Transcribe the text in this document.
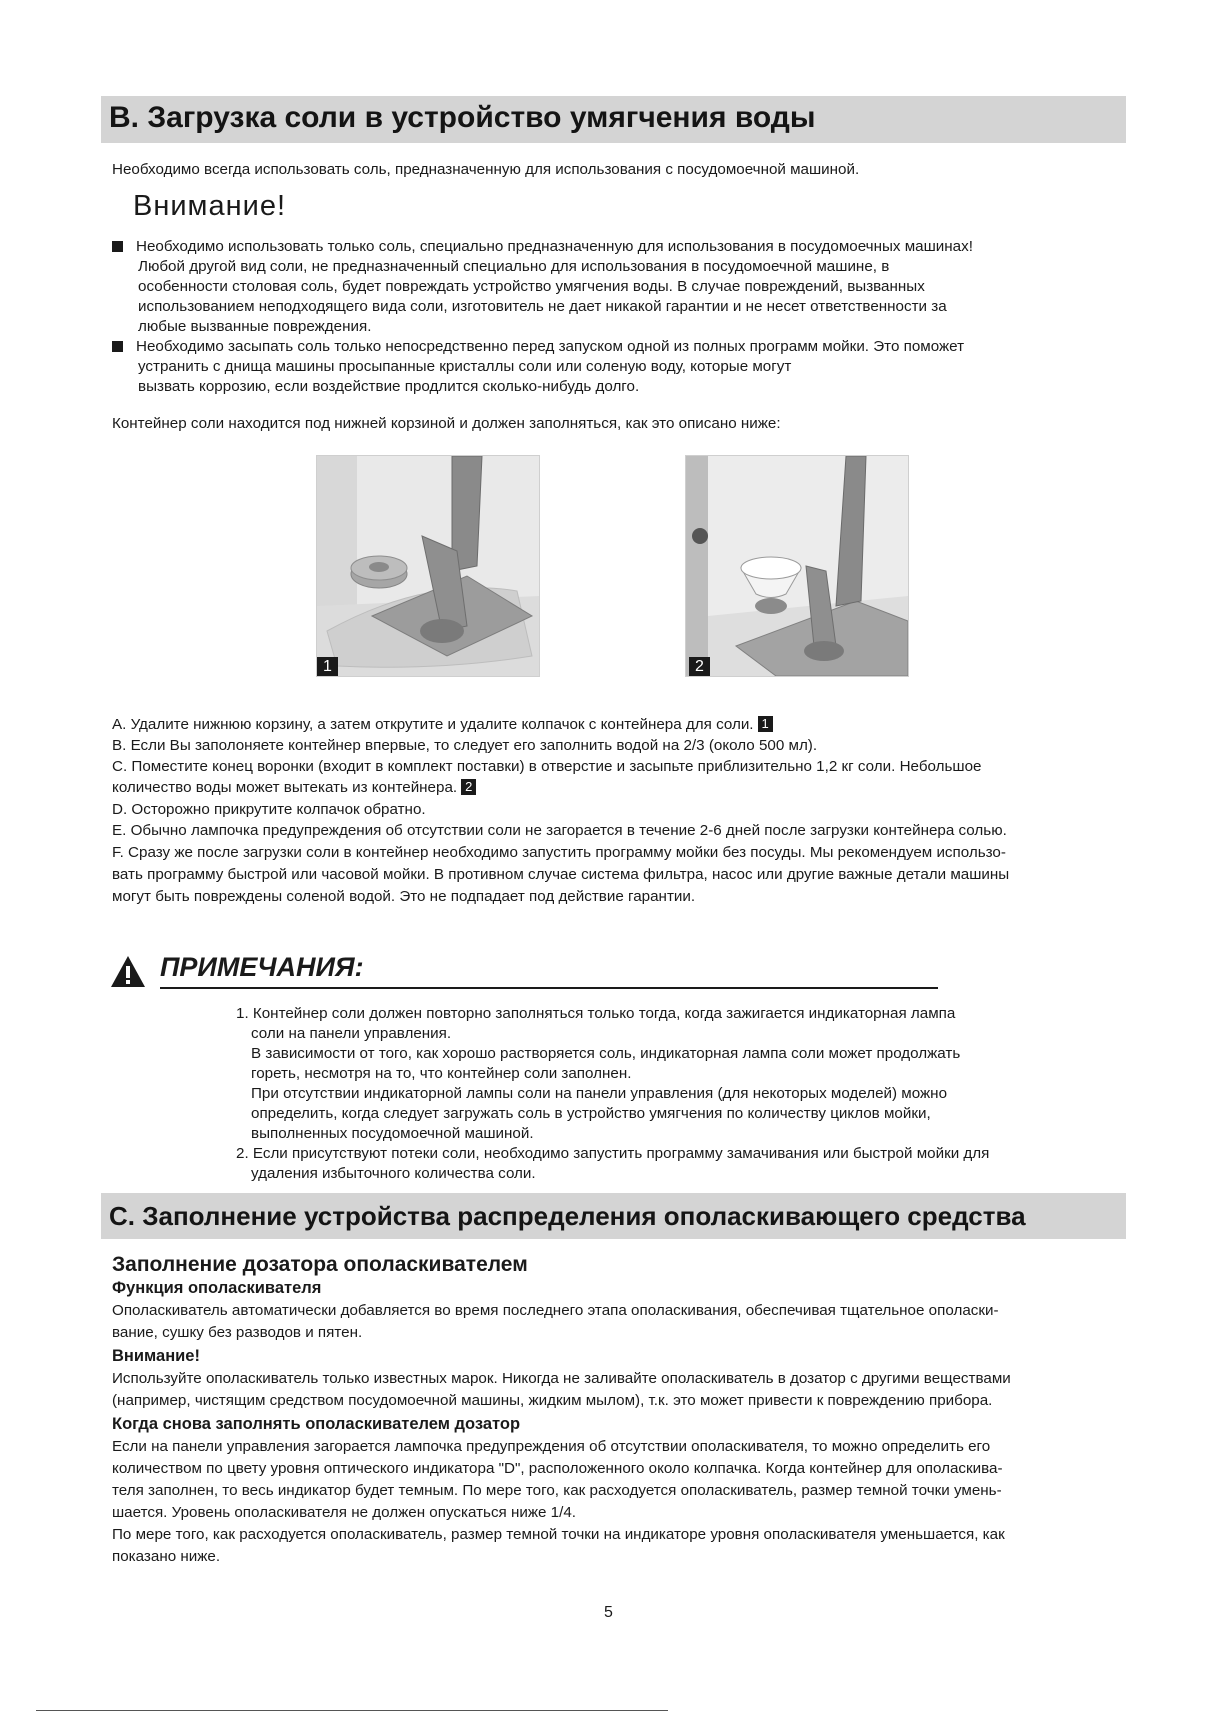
B. Загрузка соли в устройство умягчения воды
Необходимо всегда использовать соль, предназначенную для использования с посудомоечной машиной.
Внимание!
Необходимо использовать только соль, специально предназначенную для использования в посудомоечных машинах!
Любой другой вид соли, не предназначенный специально для использования в посудомоечной машине, в
особенности столовая соль, будет повреждать устройство умягчения воды. В случае повреждений, вызванных
использованием неподходящего вида соли, изготовитель не дает никакой гарантии и не несет ответственности за
любые вызванные повреждения.
Необходимо засыпать соль только непосредственно перед запуском одной из полных программ мойки. Это поможет
устранить с днища машины просыпанные кристаллы соли или соленую воду, которые могут
вызвать коррозию, если воздействие продлится сколько-нибудь долго.
Контейнер соли находится под нижней корзиной и должен заполняться, как это описано ниже:
1	2
A. Удалите нижнюю корзину, а затем открутите и удалите колпачок с контейнера для соли. 1
B. Если Вы заполоняете контейнер впервые, то следует его заполнить водой на 2/3 (около 500 мл).
C. Поместите конец воронки (входит в комплект поставки) в отверстие и засыпьте приблизительно 1,2 кг соли. Небольшое
количество воды может вытекать из контейнера. 2
D. Осторожно прикрутите колпачок обратно.
E. Обычно лампочка предупреждения об отсутствии соли не загорается в течение 2-6 дней после загрузки контейнера солью.
F. Сразу же после загрузки соли в контейнер необходимо запустить программу мойки без посуды. Мы рекомендуем использо-
вать программу быстрой или часовой мойки. В противном случае система фильтра, насос или другие важные детали машины
могут быть повреждены соленой водой. Это не подпадает под действие гарантии.
ПРИМЕЧАНИЯ:
1. Контейнер соли должен повторно заполняться только тогда, когда зажигается индикаторная лампа
соли на панели управления.
В зависимости от того, как хорошо растворяется соль, индикаторная лампа соли может продолжать
гореть, несмотря на то, что контейнер соли заполнен.
При отсутствии индикаторной лампы соли на панели управления (для некоторых моделей) можно
определить, когда следует загружать соль в устройство умягчения по количеству циклов мойки,
выполненных посудомоечной машиной.
2. Если присутствуют потеки соли, необходимо запустить программу замачивания или быстрой мойки для
удаления избыточного количества соли.
C. Заполнение устройства распределения ополаскивающего средства
Заполнение дозатора ополаскивателем
Функция ополаскивателя
Ополаскиватель автоматически добавляется во время последнего этапа ополаскивания, обеспечивая тщательное ополаски-
вание, сушку без разводов и пятен.
Внимание!
Используйте ополаскиватель только известных марок. Никогда не заливайте ополаскиватель в дозатор с другими веществами
(например, чистящим средством посудомоечной машины, жидким мылом), т.к. это может привести к повреждению прибора.
Когда снова заполнять ополаскивателем дозатор
Если на панели управления загорается лампочка предупреждения об отсутствии ополаскивателя, то можно определить его
количеством по цвету уровня оптического индикатора "D", расположенного около колпачка. Когда контейнер для ополаскива-
теля заполнен, то весь индикатор будет темным. По мере того, как расходуется ополаскиватель, размер темной точки умень-
шается. Уровень ополаскивателя не должен опускаться ниже 1/4.
По мере того, как расходуется ополаскиватель, размер темной точки на индикаторе уровня ополаскивателя уменьшается, как
показано ниже.
5
